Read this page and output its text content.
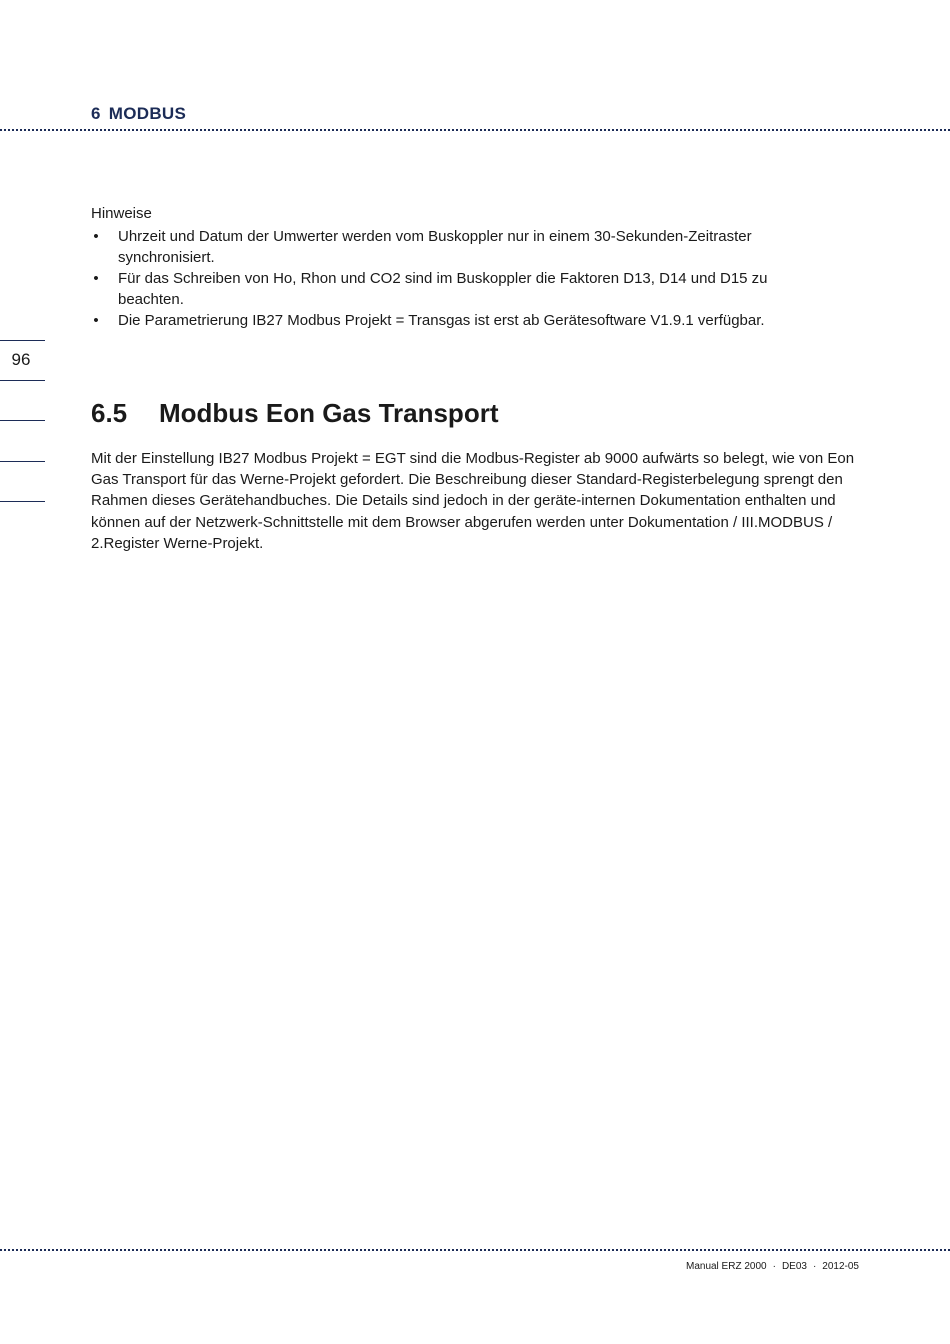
6 MODBUS
96
Hinweise
• Uhrzeit und Datum der Umwerter werden vom Buskoppler nur in einem 30-Sekunden-Zeitraster synchronisiert.
• Für das Schreiben von Ho, Rhon und CO2 sind im Buskoppler die Faktoren D13, D14 und D15 zu beachten.
• Die Parametrierung IB27 Modbus Projekt = Transgas ist erst ab Gerätesoftware V1.9.1 verfügbar.
6.5 Modbus Eon Gas Transport

Mit der Einstellung IB27 Modbus Projekt = EGT sind die Modbus-Register ab 9000 aufwärts so belegt, wie von Eon Gas Transport für das Werne-Projekt gefordert. Die Beschreibung dieser Standard-Registerbelegung sprengt den Rahmen dieses Gerätehandbuches. Die Details sind jedoch in der geräte-internen Dokumentation enthalten und können auf der Netzwerk-Schnittstelle mit dem Browser abgerufen werden unter Dokumentation / III.MODBUS / 2.Register Werne-Projekt.

Manual ERZ 2000 · DE03 · 2012-05
